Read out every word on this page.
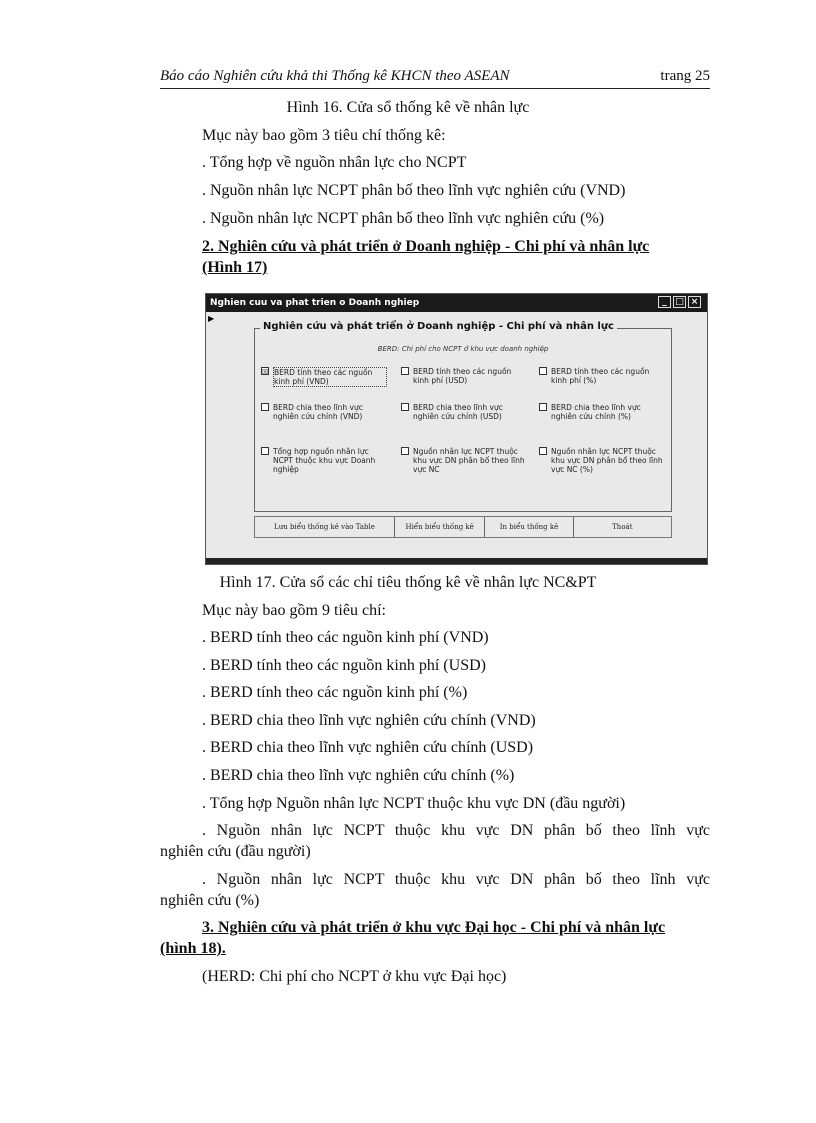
Báo cáo Nghiên cứu khả thi Thống kê KHCN theo ASEAN	trang 25
Hình 16. Cửa sổ thống kê về nhân lực
Mục này bao gồm 3 tiêu chí thống kê:
. Tổng hợp về nguồn nhân lực cho NCPT
. Nguồn nhân lực NCPT phân bố theo lĩnh vực nghiên cứu (VND)
. Nguồn nhân lực NCPT phân bố theo lĩnh vực nghiên cứu (%)
2. Nghiên cứu và phát triển ở Doanh nghiệp - Chi phí và nhân lực
(Hình 17)
Nghien cuu va phat trien o Doanh nghiep	_ □ ×
▶
Nghiên cứu và phát triển ở Doanh nghiệp - Chi phí và nhân lực
BERD: Chi phí cho NCPT ở khu vực doanh nghiệp
☒ BERD tính theo các nguồn kinh phí (VND)
BERD tính theo các nguồn kinh phí (USD)
BERD tính theo các nguồn kinh phí (%)
BERD chia theo lĩnh vực nghiên cứu chính (VND)
BERD chia theo lĩnh vực nghiên cứu chính (USD)
BERD chia theo lĩnh vực nghiên cứu chính (%)
Tổng hợp nguồn nhân lực NCPT thuộc khu vực Doanh nghiệp
Nguồn nhân lực NCPT thuộc khu vực DN phân bố theo lĩnh vực NC
Nguồn nhân lực NCPT thuộc khu vực DN phân bổ theo lĩnh vực NC (%)
Lưu biểu thống kê vào Table	Hiển biểu thống kê	In biểu thống kê	Thoát
Hình 17. Cửa sổ các chỉ tiêu thống kê về nhân lực NC&PT
Mục này bao gồm 9 tiêu chí:
. BERD tính theo các nguồn kinh phí (VND)
. BERD tính theo các nguồn kinh phí (USD)
. BERD tính theo các nguồn kinh phí (%)
. BERD chia theo lĩnh vực nghiên cứu chính (VND)
. BERD chia theo lĩnh vực nghiên cứu chính (USD)
. BERD chia theo lĩnh vực nghiên cứu chính (%)
. Tổng hợp Nguồn nhân lực NCPT thuộc khu vực DN (đầu người)
. Nguồn nhân lực NCPT thuộc khu vực DN phân bố theo lĩnh vực
nghiên cứu (đầu người)
. Nguồn nhân lực NCPT thuộc khu vực DN phân bố theo lĩnh vực
nghiên cứu (%)
3. Nghiên cứu và phát triển ở khu vực Đại học - Chi phí và nhân lực
(hình 18).
(HERD: Chi phí cho NCPT ở khu vực Đại học)
